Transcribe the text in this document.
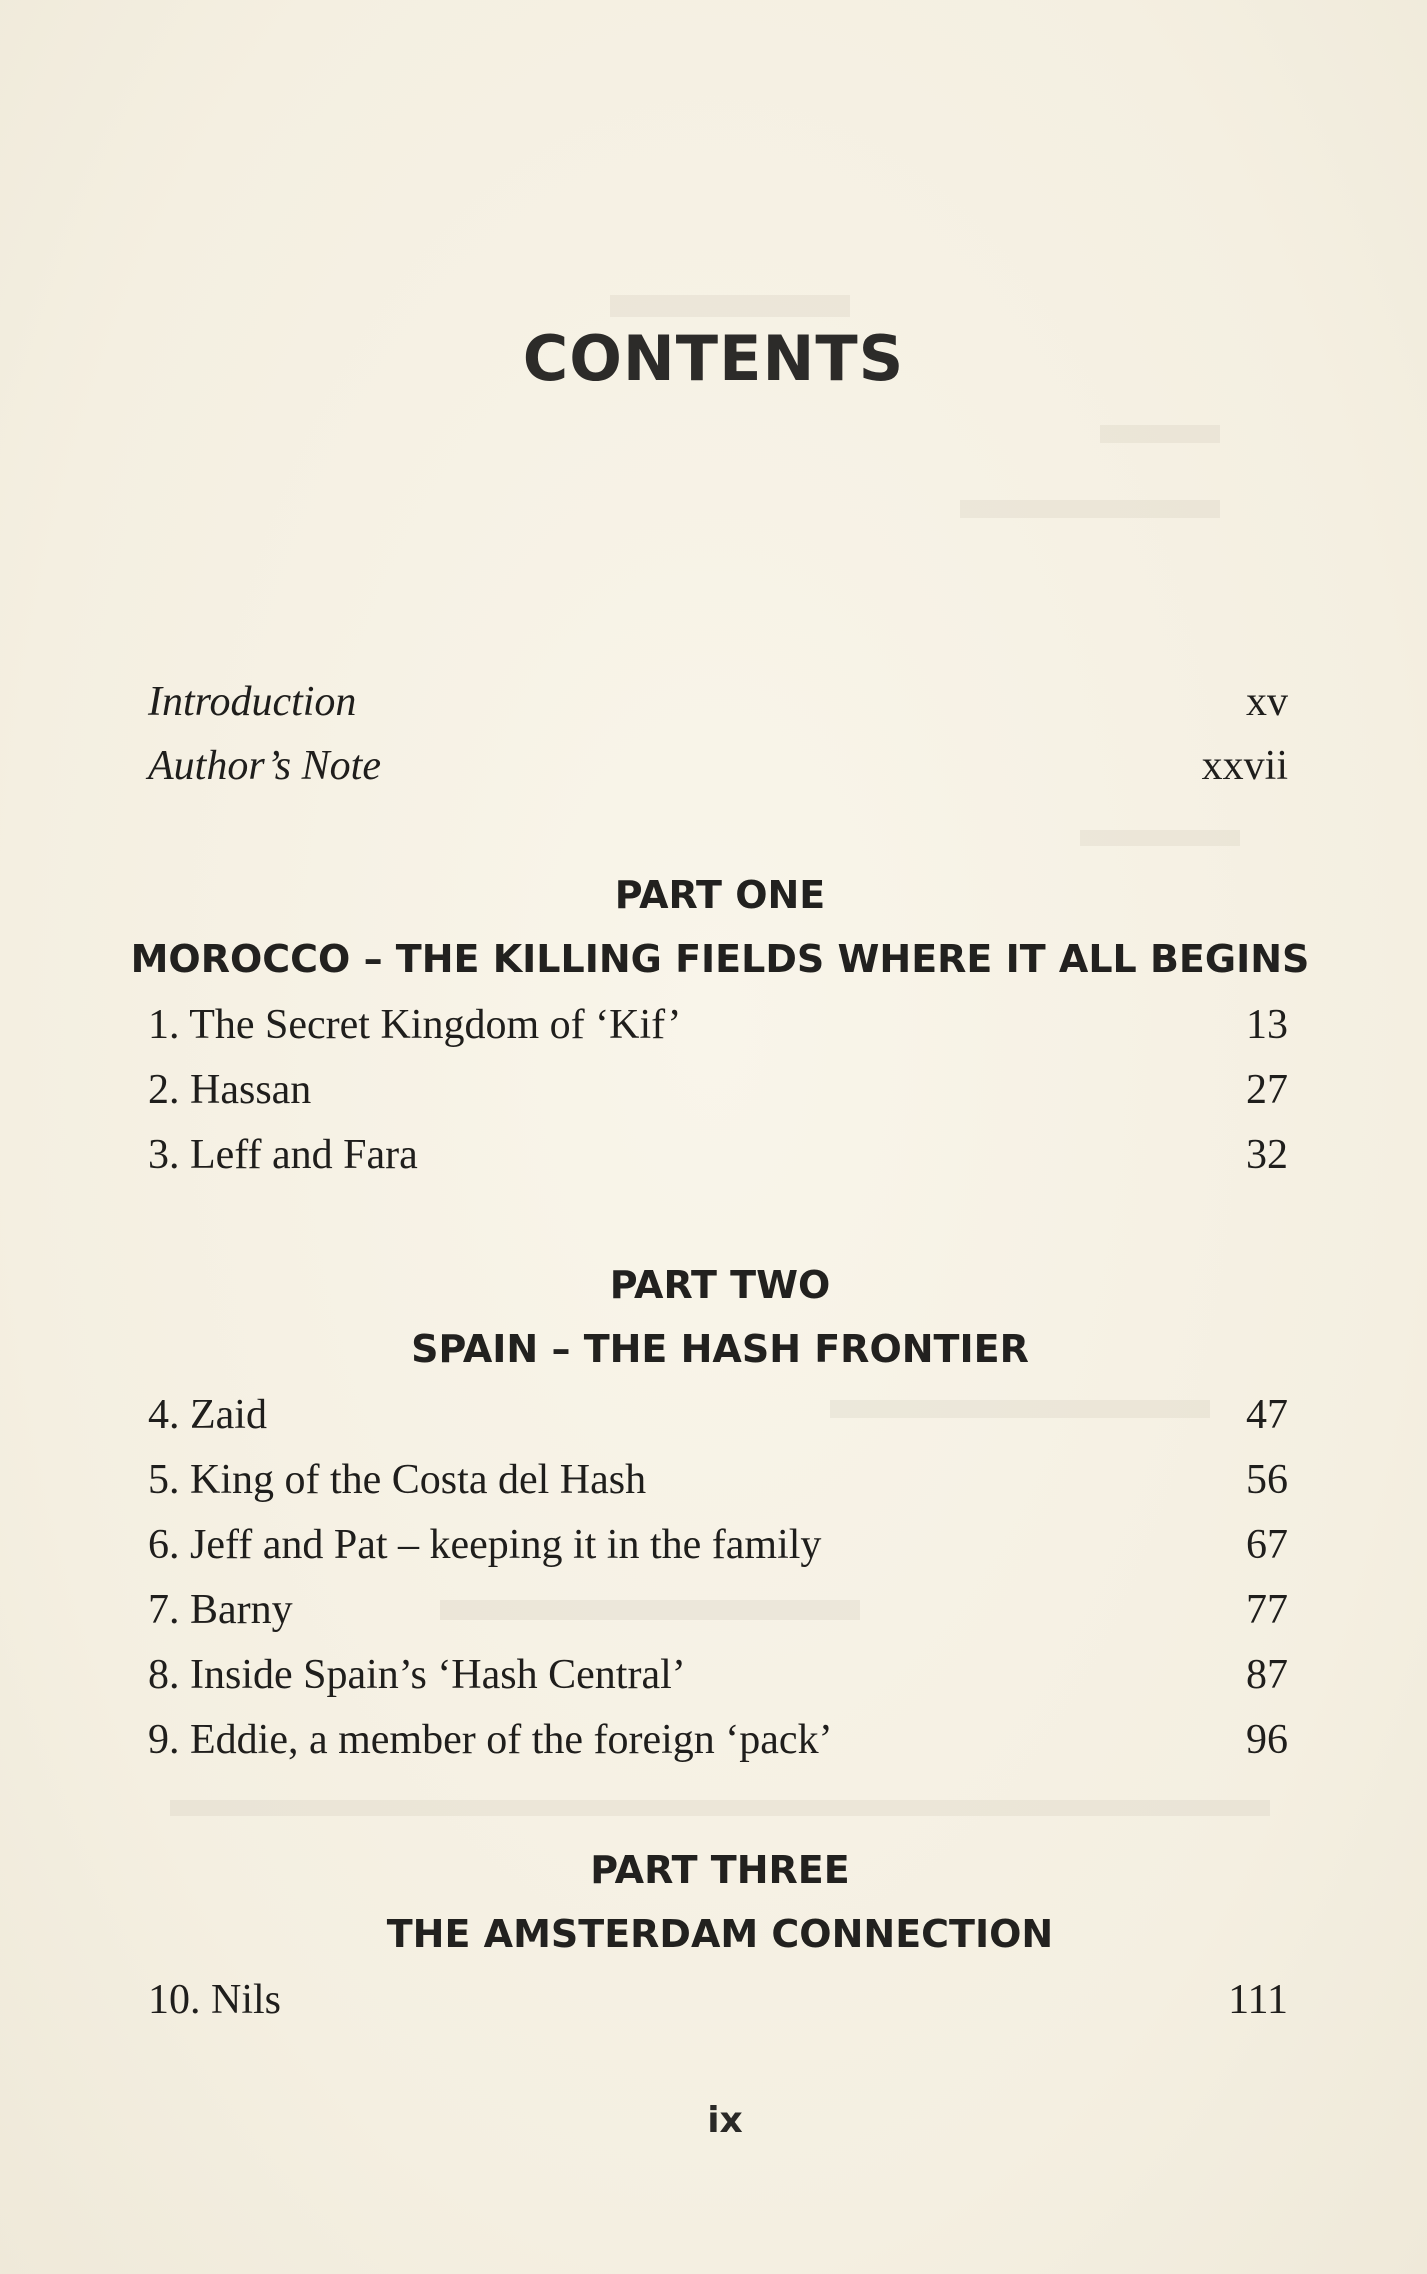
CONTENTS
Introduction	xv
Author’s Note	xxvii
PART ONE
MOROCCO – THE KILLING FIELDS WHERE IT ALL BEGINS
1. The Secret Kingdom of ‘Kif’	13
2. Hassan	27
3. Leff and Fara	32
PART TWO
SPAIN – THE HASH FRONTIER
4. Zaid	47
5. King of the Costa del Hash	56
6. Jeff and Pat – keeping it in the family	67
7. Barny	77
8. Inside Spain’s ‘Hash Central’	87
9. Eddie, a member of the foreign ‘pack’	96
PART THREE
THE AMSTERDAM CONNECTION
10. Nils	111
ix
